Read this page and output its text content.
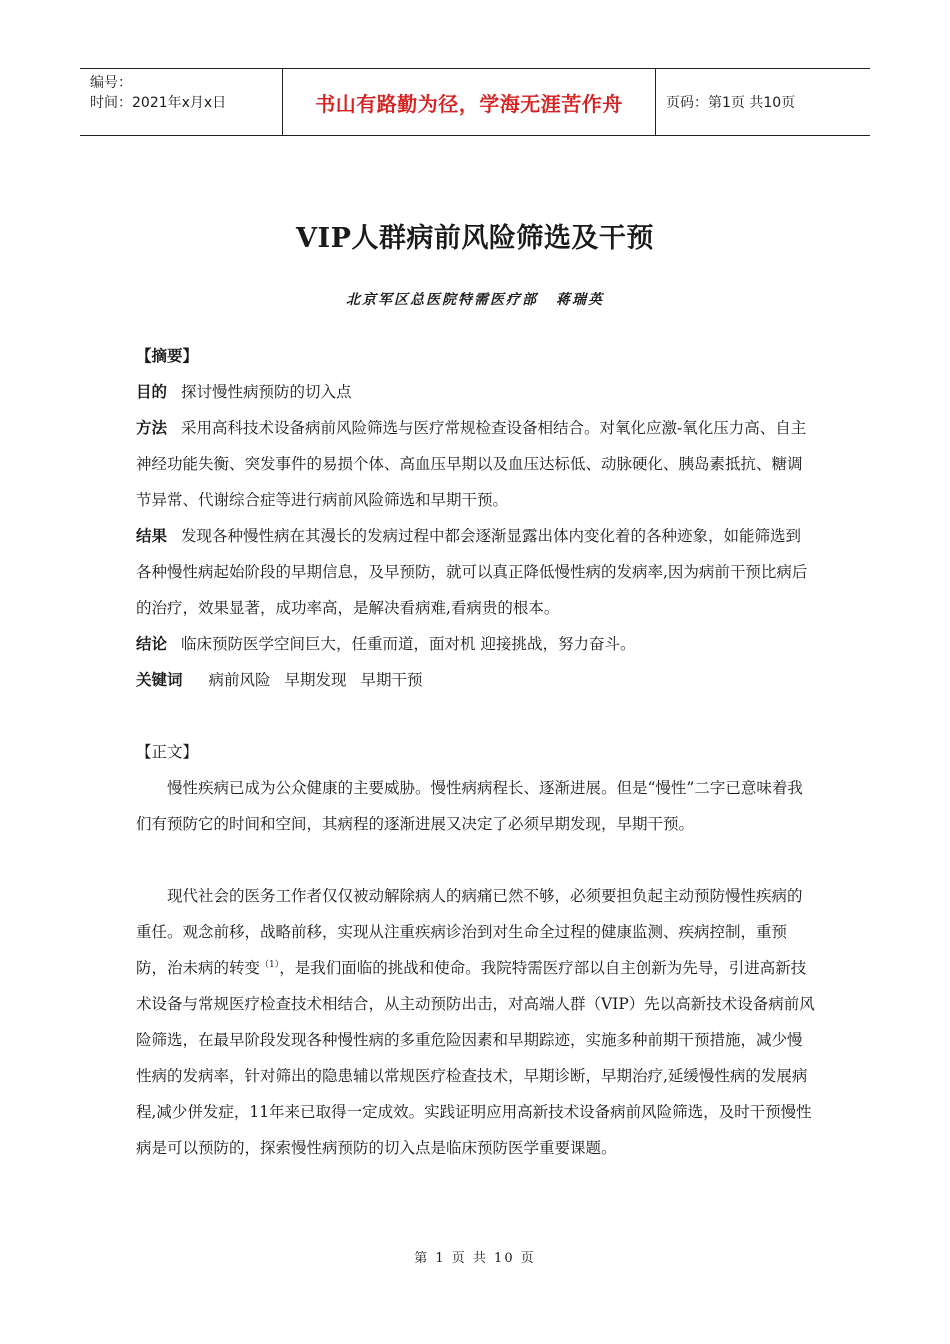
编号：
时间：2021年x月x日	书山有路勤为径，学海无涯苦作舟	页码：第1页 共10页
VIP人群病前风险筛选及干预
北京军区总医院特需医疗部 蒋瑞英

【摘要】

目的 探讨慢性病预防的切入点

方法 采用高科技术设备病前风险筛选与医疗常规检查设备相结合。对氧化应激-氧化压力高、自主神经功能失衡、突发事件的易损个体、高血压早期以及血压达标低、动脉硬化、胰岛素抵抗、糖调节异常、代谢综合症等进行病前风险筛选和早期干预。

结果 发现各种慢性病在其漫长的发病过程中都会逐渐显露出体内变化着的各种迹象，如能筛选到各种慢性病起始阶段的早期信息，及早预防，就可以真正降低慢性病的发病率,因为病前干预比病后的治疗，效果显著，成功率高，是解决看病难,看病贵的根本。

结论 临床预防医学空间巨大，任重而道，面对机 迎接挑战，努力奋斗。

关键词 病前风险 早期发现 早期干预

【正文】

慢性疾病已成为公众健康的主要威胁。慢性病病程长、逐渐进展。但是“慢性”二字已意味着我们有预防它的时间和空间，其病程的逐渐进展又决定了必须早期发现，早期干预。

现代社会的医务工作者仅仅被动解除病人的病痛已然不够，必须要担负起主动预防慢性疾病的重任。观念前移，战略前移，实现从注重疾病诊治到对生命全过程的健康监测、疾病控制，重预防，治未病的转变$^{(1)}$，是我们面临的挑战和使命。我院特需医疗部以自主创新为先导，引进高新技术设备与常规医疗检查技术相结合，从主动预防出击，对高端人群（VIP）先以高新技术设备病前风险筛选，在最早阶段发现各种慢性病的多重危险因素和早期踪迹，实施多种前期干预措施，减少慢性病的发病率，针对筛出的隐患辅以常规医疗检查技术，早期诊断，早期治疗,延缓慢性病的发展病程,减少併发症，11年来已取得一定成效。实践证明应用高新技术设备病前风险筛选，及时干预慢性病是可以预防的，探索慢性病预防的切入点是临床预防医学重要课题。

第 1 页 共 10 页
